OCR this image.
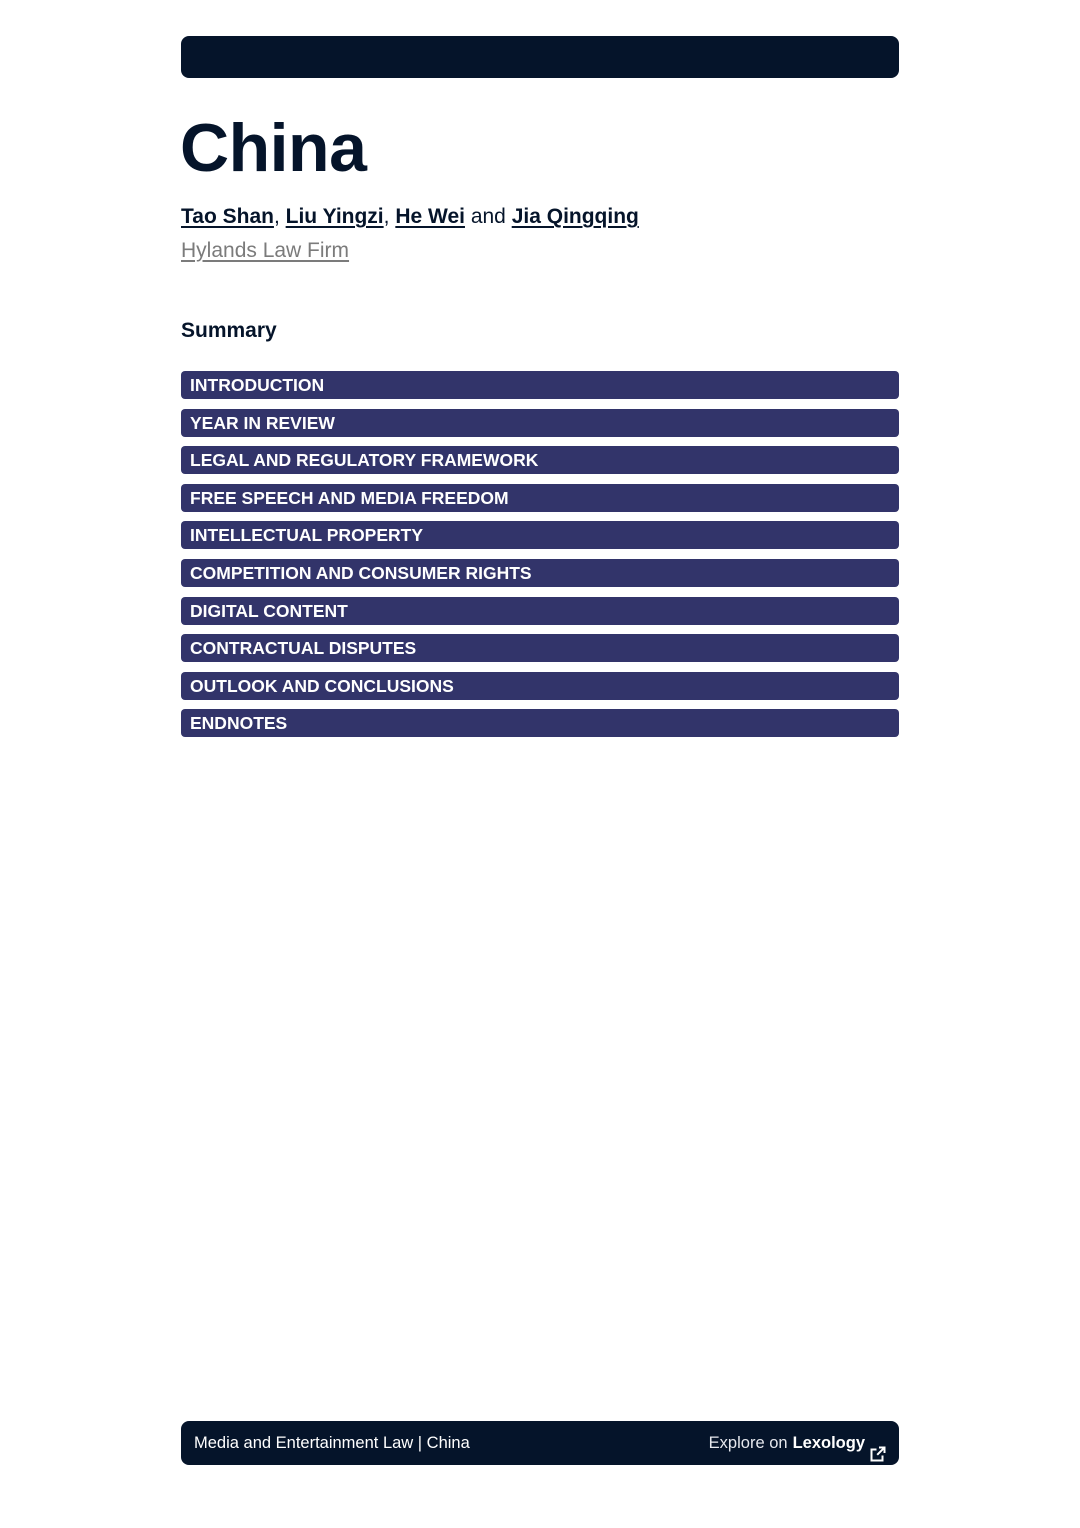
China
Tao Shan, Liu Yingzi, He Wei and Jia Qingqing
Hylands Law Firm
Summary
INTRODUCTION
YEAR IN REVIEW
LEGAL AND REGULATORY FRAMEWORK
FREE SPEECH AND MEDIA FREEDOM
INTELLECTUAL PROPERTY
COMPETITION AND CONSUMER RIGHTS
DIGITAL CONTENT
CONTRACTUAL DISPUTES
OUTLOOK AND CONCLUSIONS
ENDNOTES
Media and Entertainment Law | China	Explore on Lexology
